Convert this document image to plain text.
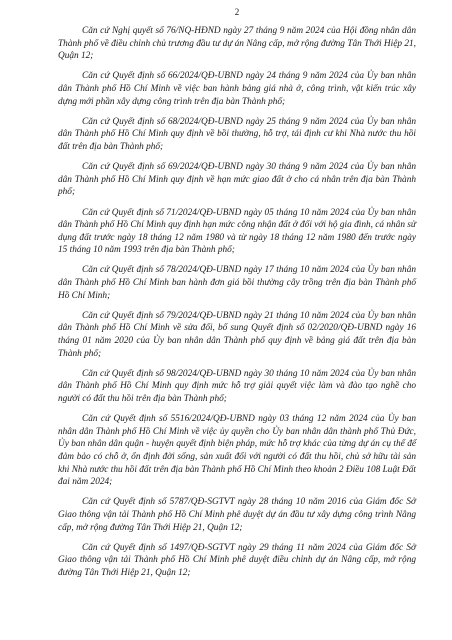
2

Căn cứ Nghị quyết số 76/NQ-HĐND ngày 27 tháng 9 năm 2024 của Hội đồng nhân dân Thành phố về điều chỉnh chủ trương đầu tư dự án Nâng cấp, mở rộng đường Tân Thới Hiệp 21, Quận 12;

Căn cứ Quyết định số 66/2024/QĐ-UBND ngày 24 tháng 9 năm 2024 của Ủy ban nhân dân Thành phố Hồ Chí Minh về việc ban hành bảng giá nhà ở, công trình, vật kiến trúc xây dựng mới phần xây dựng công trình trên địa bàn Thành phố;

Căn cứ Quyết định số 68/2024/QĐ-UBND ngày 25 tháng 9 năm 2024 của Ủy ban nhân dân Thành phố Hồ Chí Minh quy định về bồi thường, hỗ trợ, tái định cư khi Nhà nước thu hồi đất trên địa bàn Thành phố;

Căn cứ Quyết định số 69/2024/QĐ-UBND ngày 30 tháng 9 năm 2024 của Ủy ban nhân dân Thành phố Hồ Chí Minh quy định về hạn mức giao đất ở cho cá nhân trên địa bàn Thành phố;

Căn cứ Quyết định số 71/2024/QĐ-UBND ngày 05 tháng 10 năm 2024 của Ủy ban nhân dân Thành phố Hồ Chí Minh quy định hạn mức công nhận đất ở đối với hộ gia đình, cá nhân sử dụng đất trước ngày 18 tháng 12 năm 1980 và từ ngày 18 tháng 12 năm 1980 đến trước ngày 15 tháng 10 năm 1993 trên địa bàn Thành phố;

Căn cứ Quyết định số 78/2024/QĐ-UBND ngày 17 tháng 10 năm 2024 của Ủy ban nhân dân Thành phố Hồ Chí Minh ban hành đơn giá bồi thường cây trồng trên địa bàn Thành phố Hồ Chí Minh;

Căn cứ Quyết định số 79/2024/QĐ-UBND ngày 21 tháng 10 năm 2024 của Ủy ban nhân dân Thành phố Hồ Chí Minh về sửa đổi, bổ sung Quyết định số 02/2020/QĐ-UBND ngày 16 tháng 01 năm 2020 của Ủy ban nhân dân Thành phố quy định về bảng giá đất trên địa bàn Thành phố;

Căn cứ Quyết định số 98/2024/QĐ-UBND ngày 30 tháng 10 năm 2024 của Ủy ban nhân dân Thành phố Hồ Chí Minh quy định mức hỗ trợ giải quyết việc làm và đào tạo nghề cho người có đất thu hồi trên địa bàn Thành phố;

Căn cứ Quyết định số 5516/2024/QĐ-UBND ngày 03 tháng 12 năm 2024 của Ủy ban nhân dân Thành phố Hồ Chí Minh về việc ủy quyền cho Ủy ban nhân dân thành phố Thủ Đức, Ủy ban nhân dân quận - huyện quyết định biện pháp, mức hỗ trợ khác của từng dự án cụ thể để đảm bảo có chỗ ở, ổn định đời sống, sản xuất đối với người có đất thu hồi, chủ sở hữu tài sản khi Nhà nước thu hồi đất trên địa bàn Thành phố Hồ Chí Minh theo khoản 2 Điều 108 Luật Đất đai năm 2024;

Căn cứ Quyết định số 5787/QĐ-SGTVT ngày 28 tháng 10 năm 2016 của Giám đốc Sở Giao thông vận tải Thành phố Hồ Chí Minh phê duyệt dự án đầu tư xây dựng công trình Nâng cấp, mở rộng đường Tân Thới Hiệp 21, Quận 12;

Căn cứ Quyết định số 1497/QĐ-SGTVT ngày 29 tháng 11 năm 2024 của Giám đốc Sở Giao thông vận tải Thành phố Hồ Chí Minh phê duyệt điều chỉnh dự án Nâng cấp, mở rộng đường Tân Thới Hiệp 21, Quận 12;
